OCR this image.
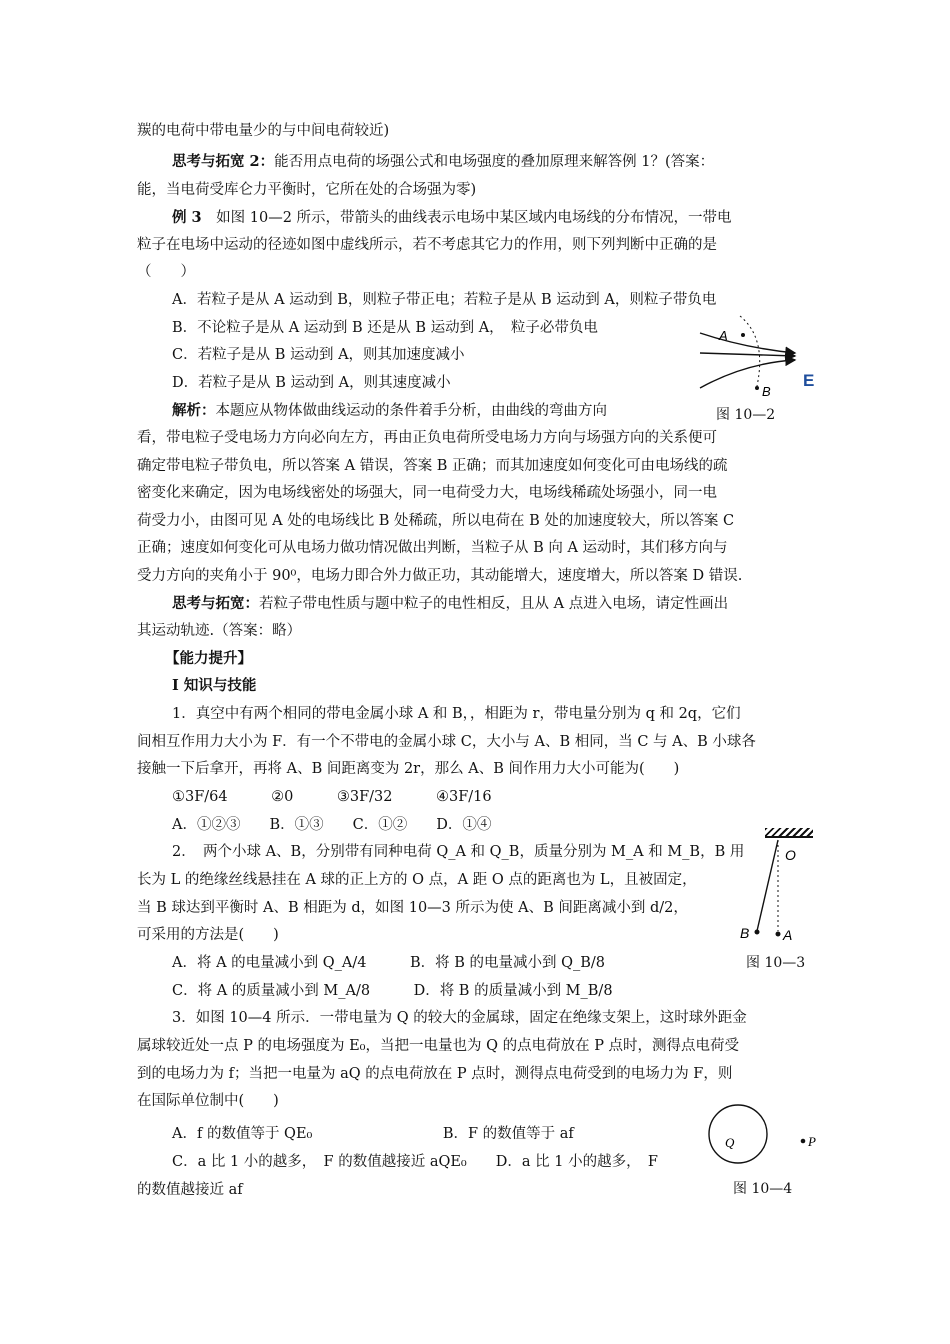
羰的电荷中带电量少的与中间电荷较近)
思考与拓宽 2：能否用点电荷的场强公式和电场强度的叠加原理来解答例 1？(答案：
能，当电荷受库仑力平衡时，它所在处的合场强为零)
例 3　如图 10—2 所示，带箭头的曲线表示电场中某区域内电场线的分布情况，一带电
粒子在电场中运动的径迹如图中虚线所示，若不考虑其它力的作用，则下列判断中正确的是
（　　）
A．若粒子是从 A 运动到 B，则粒子带正电；若粒子是从 B 运动到 A，则粒子带负电
B．不论粒子是从 A 运动到 B 还是从 B 运动到 A，　粒子必带负电
C．若粒子是从 B 运动到 A，则其加速度减小
D．若粒子是从 B 运动到 A，则其速度减小
解析：本题应从物体做曲线运动的条件着手分析，由曲线的弯曲方向
看，带电粒子受电场力方向必向左方，再由正负电荷所受电场力方向与场强方向的关系便可
确定带电粒子带负电，所以答案 A 错误，答案 B 正确；而其加速度如何变化可由电场线的疏
密变化来确定，因为电场线密处的场强大，同一电荷受力大，电场线稀疏处场强小，同一电
荷受力小，由图可见 A 处的电场线比 B 处稀疏，所以电荷在 B 处的加速度较大，所以答案 C
正确；速度如何变化可从电场力做功情况做出判断，当粒子从 B 向 A 运动时，其们移方向与
受力方向的夹角小于 90⁰，电场力即合外力做正功，其动能增大，速度增大，所以答案 D 错误.
思考与拓宽：若粒子带电性质与题中粒子的电性相反，且从 A 点进入电场，请定性画出
其运动轨迹.（答案：略）
【能力提升】
Ⅰ 知识与技能
1．真空中有两个相同的带电金属小球 A 和 B，，相距为 r，带电量分别为 q 和 2q，它们
间相互作用力大小为 F．有一个不带电的金属小球 C，大小与 A、B 相同，当 C 与 A、B 小球各
接触一下后拿开，再将 A、B 间距离变为 2r，那么 A、B 间作用力大小可能为(　　)
①3F/64　　　②0　　　③3F/32　　　④3F/16
A．①②③　　B．①③　　C．①②　　D．①④
2．　两个小球 A、B，分别带有同种电荷 Q_A 和 Q_B，质量分别为 M_A 和 M_B，B 用
长为 L 的绝缘丝线悬挂在 A 球的正上方的 O 点，A 距 O 点的距离也为 L，且被固定，
当 B 球达到平衡时 A、B 相距为 d，如图 10—3 所示为使 A、B 间距离减小到 d/2，
可采用的方法是(　　)
A．将 A 的电量减小到 Q_A/4　　　B．将 B 的电量减小到 Q_B/8
C．将 A 的质量减小到 M_A/8　　　D．将 B 的质量减小到 M_B/8
3．如图 10—4 所示．一带电量为 Q 的较大的金属球，固定在绝缘支架上，这时球外距金
属球较近处一点 P 的电场强度为 E₀，当把一电量也为 Q 的点电荷放在 P 点时，测得点电荷受
到的电场力为 f；当把一电量为 aQ 的点电荷放在 P 点时，测得点电荷受到的电场力为 F，则
在国际单位制中(　　)
A．f 的数值等于 QE₀　　　　　　　　　B．F 的数值等于 af
C．a 比 1 小的越多，　F 的数值越接近 aQE₀　　D．a 比 1 小的越多，　F
的数值越接近 af
A
B
E
图 10—2
O
B A
图 10—3
Q	P
图 10—4
